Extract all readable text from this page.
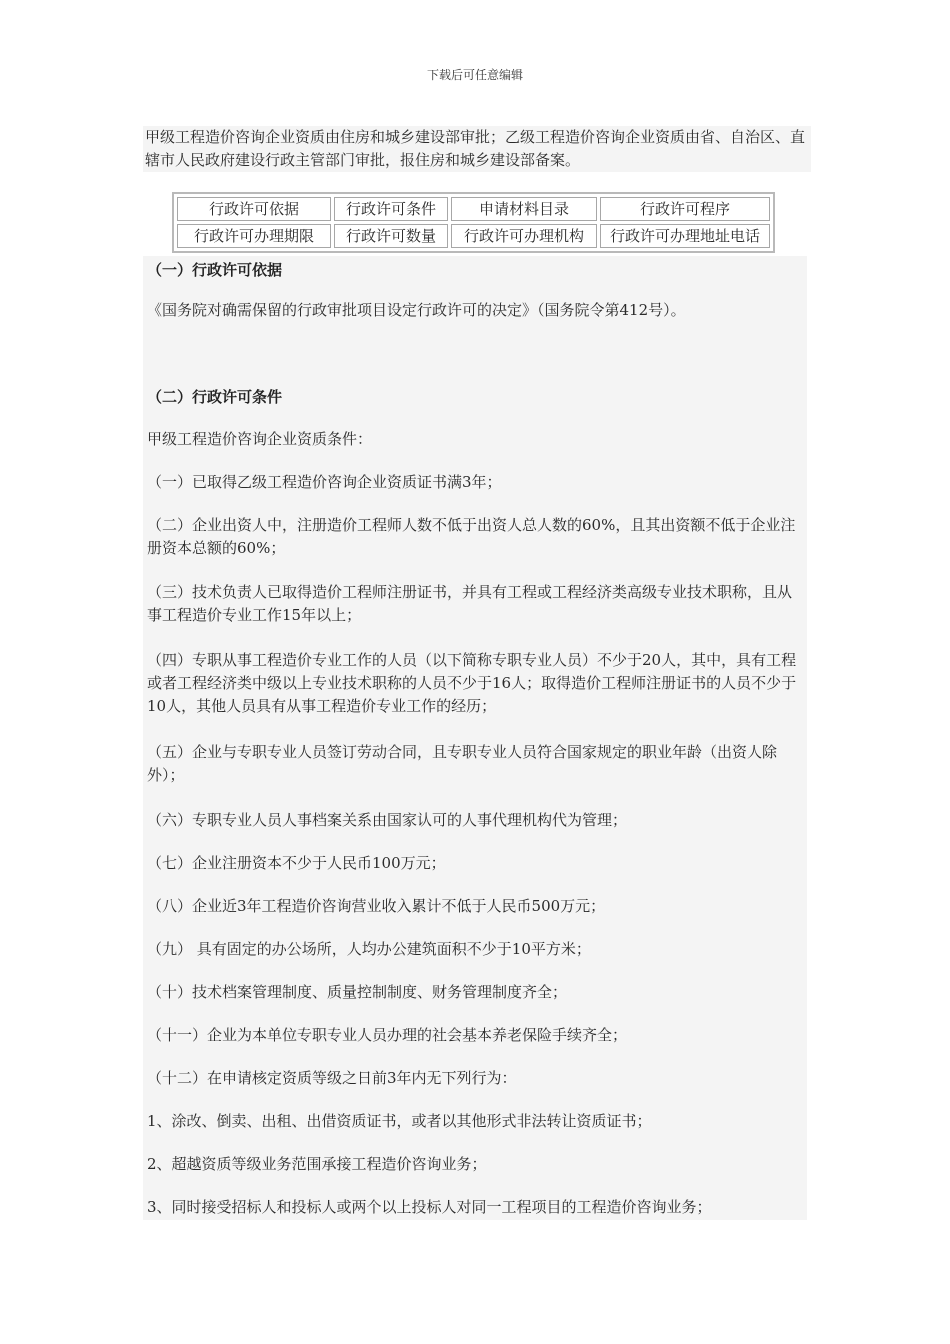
下载后可任意编辑
甲级工程造价咨询企业资质由住房和城乡建设部审批；乙级工程造价咨询企业资质由省、自治区、直辖市人民政府建设行政主管部门审批，报住房和城乡建设部备案。
行政许可依据	行政许可条件	申请材料目录	行政许可程序
行政许可办理期限	行政许可数量	行政许可办理机构	行政许可办理地址电话
（一）行政许可依据
《国务院对确需保留的行政审批项目设定行政许可的决定》（国务院令第412号）。
（二）行政许可条件
甲级工程造价咨询企业资质条件：
（一）已取得乙级工程造价咨询企业资质证书满3年；
（二）企业出资人中，注册造价工程师人数不低于出资人总人数的60%，且其出资额不低于企业注册资本总额的60%；
（三）技术负责人已取得造价工程师注册证书，并具有工程或工程经济类高级专业技术职称，且从事工程造价专业工作15年以上；
（四）专职从事工程造价专业工作的人员（以下简称专职专业人员）不少于20人，其中，具有工程或者工程经济类中级以上专业技术职称的人员不少于16人；取得造价工程师注册证书的人员不少于10人，其他人员具有从事工程造价专业工作的经历；
（五）企业与专职专业人员签订劳动合同，且专职专业人员符合国家规定的职业年龄（出资人除外）；
（六）专职专业人员人事档案关系由国家认可的人事代理机构代为管理；
（七）企业注册资本不少于人民币100万元；
（八）企业近3年工程造价咨询营业收入累计不低于人民币500万元；
（九） 具有固定的办公场所，人均办公建筑面积不少于10平方米；
（十）技术档案管理制度、质量控制制度、财务管理制度齐全；
（十一）企业为本单位专职专业人员办理的社会基本养老保险手续齐全；
（十二）在申请核定资质等级之日前3年内无下列行为：
1、涂改、倒卖、出租、出借资质证书，或者以其他形式非法转让资质证书；
2、超越资质等级业务范围承接工程造价咨询业务；
3、同时接受招标人和投标人或两个以上投标人对同一工程项目的工程造价咨询业务；
